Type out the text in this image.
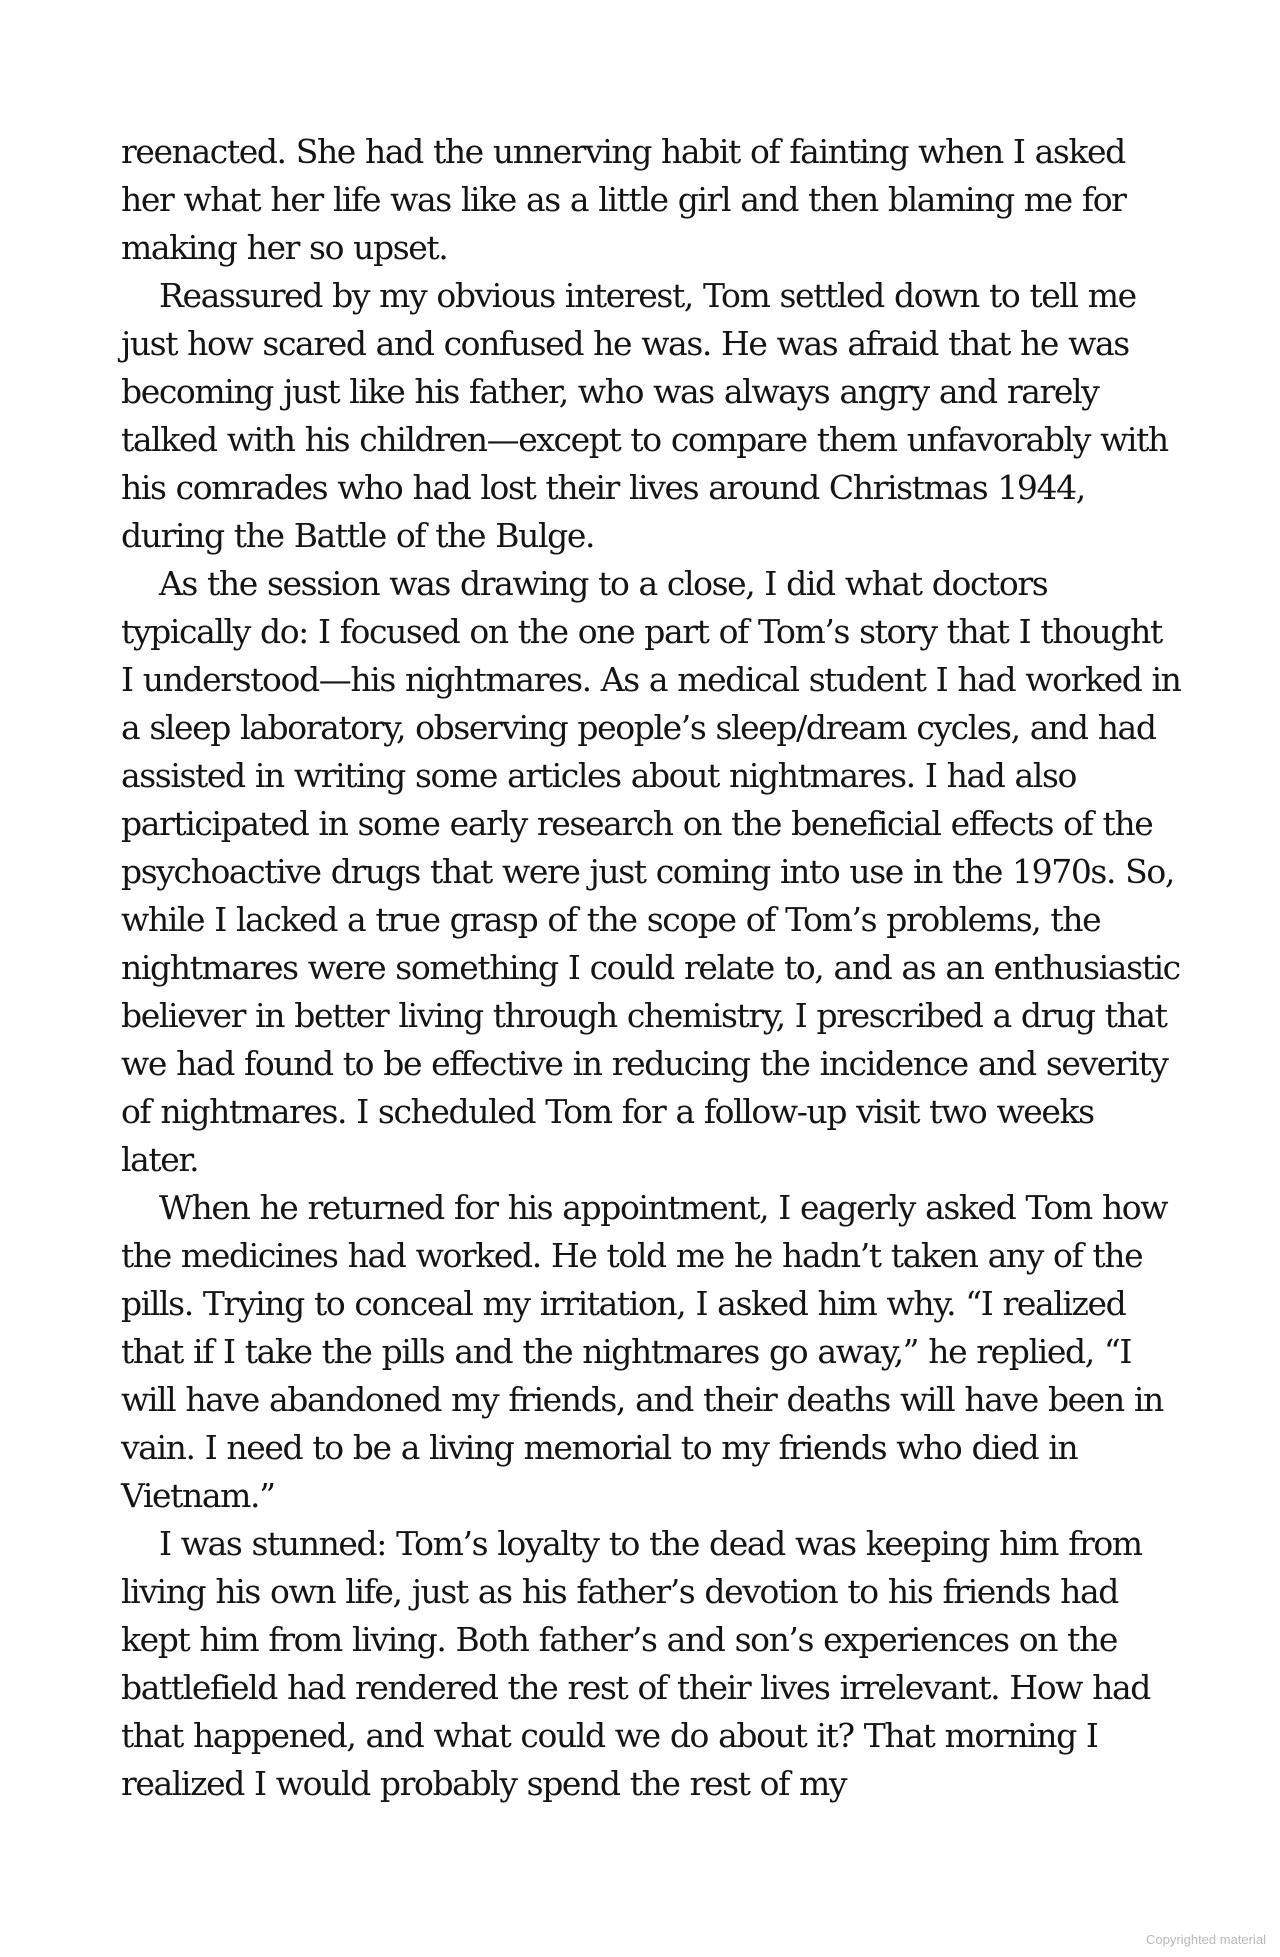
reenacted. She had the unnerving habit of fainting when I asked her what her life was like as a little girl and then blaming me for making her so upset.

Reassured by my obvious interest, Tom settled down to tell me just how scared and confused he was. He was afraid that he was becoming just like his father, who was always angry and rarely talked with his children—except to compare them unfavorably with his comrades who had lost their lives around Christmas 1944, during the Battle of the Bulge.

As the session was drawing to a close, I did what doctors typically do: I focused on the one part of Tom’s story that I thought I understood—his nightmares. As a medical student I had worked in a sleep laboratory, observing people’s sleep/dream cycles, and had assisted in writing some articles about nightmares. I had also participated in some early research on the beneficial effects of the psychoactive drugs that were just coming into use in the 1970s. So, while I lacked a true grasp of the scope of Tom’s problems, the nightmares were something I could relate to, and as an enthusiastic believer in better living through chemistry, I prescribed a drug that we had found to be effective in reducing the incidence and severity of nightmares. I scheduled Tom for a follow-up visit two weeks later.

When he returned for his appointment, I eagerly asked Tom how the medicines had worked. He told me he hadn’t taken any of the pills. Trying to conceal my irritation, I asked him why. “I realized that if I take the pills and the nightmares go away,” he replied, “I will have abandoned my friends, and their deaths will have been in vain. I need to be a living memorial to my friends who died in Vietnam.”

I was stunned: Tom’s loyalty to the dead was keeping him from living his own life, just as his father’s devotion to his friends had kept him from living. Both father’s and son’s experiences on the battlefield had rendered the rest of their lives irrelevant. How had that happened, and what could we do about it? That morning I realized I would probably spend the rest of my

Copyrighted material
